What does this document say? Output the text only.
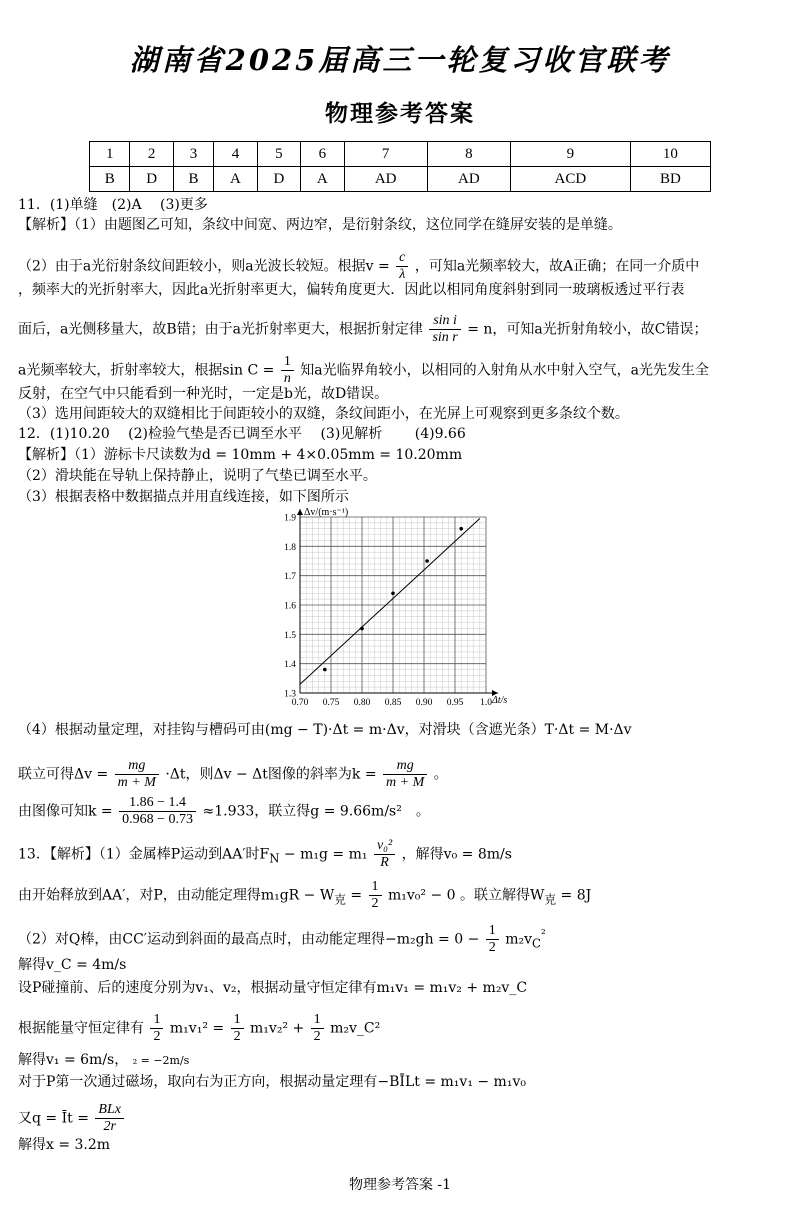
湖南省2025届高三一轮复习收官联考
物理参考答案
1	2	3	4	5	6	7	8	9	10
B	D	B	A	D	A	AD	AD	ACD	BD
11．(1)单缝　(2)A　 (3)更多
【解析】（1）由题图乙可知，条纹中间宽、两边窄，是衍射条纹，这位同学在缝屏安装的是单缝。
（2）由于a光衍射条纹间距较小，则a光波长较短。根据$v = \frac{c}{\lambda}$ ，可知a光频率较大，故A正确；在同一介质中
，频率大的光折射率大，因此a光折射率更大，偏转角度更大．因此以相同角度斜射到同一玻璃板透过平行表
面后，a光侧移量大，故B错；由于a光折射率更大，根据折射定律 $\frac{\text{sin i}}{\text{sin r}} = n$，可知a光折射角较小，故C错误；
a光频率较大，折射率较大，根据$\sin C = \frac{1}{n}$ 知a光临界角较小，以相同的入射角从水中射入空气，a光先发生全
反射，在空气中只能看到一种光时，一定是b光，故D错误。
（3）选用间距较大的双缝相比于间距较小的双缝，条纹间距小，在光屏上可观察到更多条纹个数。
12．(1)10.20　 (2)检验气垫是否已调至水平　 (3)见解析　 　(4)9.66
【解析】（1）游标卡尺读数为d = 10mm + 4×0.05mm = 10.20mm
（2）滑块能在导轨上保持静止，说明了气垫已调至水平。
（3）根据表格中数据描点并用直线连接，如下图所示
0.70 0.75 0.80 0.85 0.90 0.95 1.0
1.3
1.4
1.5
1.6
1.7
1.8
1.9
Δv/(m·s⁻¹)
Δt/s
（4）根据动量定理，对挂钩与槽码可由(mg − T)·Δt = m·Δv，对滑块（含遮光条）T·Δt = M·Δv
联立可得$\Delta v = \frac{mg}{m + M} \cdot\Delta t$，则Δv − Δt图像的斜率为$k = \frac{mg}{m + M}$ 。
由图像可知$k = \frac{1.86 - 1.4}{0.968 - 0.73} \approx 1.933$，联立得g = 9.66m/s²　。
13．【解析】（1）金属棒P运动到AA′时$F_N - m_1g = m_1 \frac{\text{v₀²}}{R}$ ，解得v₀ = 8m/s
由开始释放到AA′，对P，由动能定理得$m_1gR - W_克 = \frac{1}{2} m_1v_0^2 - 0$ 。联立解得$W_克 = 8J$
（2）对Q棒，由CC′运动到斜面的最高点时，由动能定理得$-m_2gh = 0 - \frac{1}{2} m_2v_C^{^2}$
解得v_C = 4m/s
设P碰撞前、后的速度分别为v₁、v₂，根据动量守恒定律有m₁v₁ = m₁v₂ + m₂v_C
根据能量守恒定律有 $\frac{1}{2} m_1v_1^2 = \frac{1}{2} m_1v_2^2 + \frac{1}{2}$ m₂v_C²
解得v₁ = 6m/s， ₂ = −2m/s
对于P第一次通过磁场，取向右为正方向，根据动量定理有−BĪLt = m₁v₁ − m₁v₀
又q = Īt = $\frac{\text{BLx}}{2r}$
解得x = 3.2m
物理参考答案 -1
